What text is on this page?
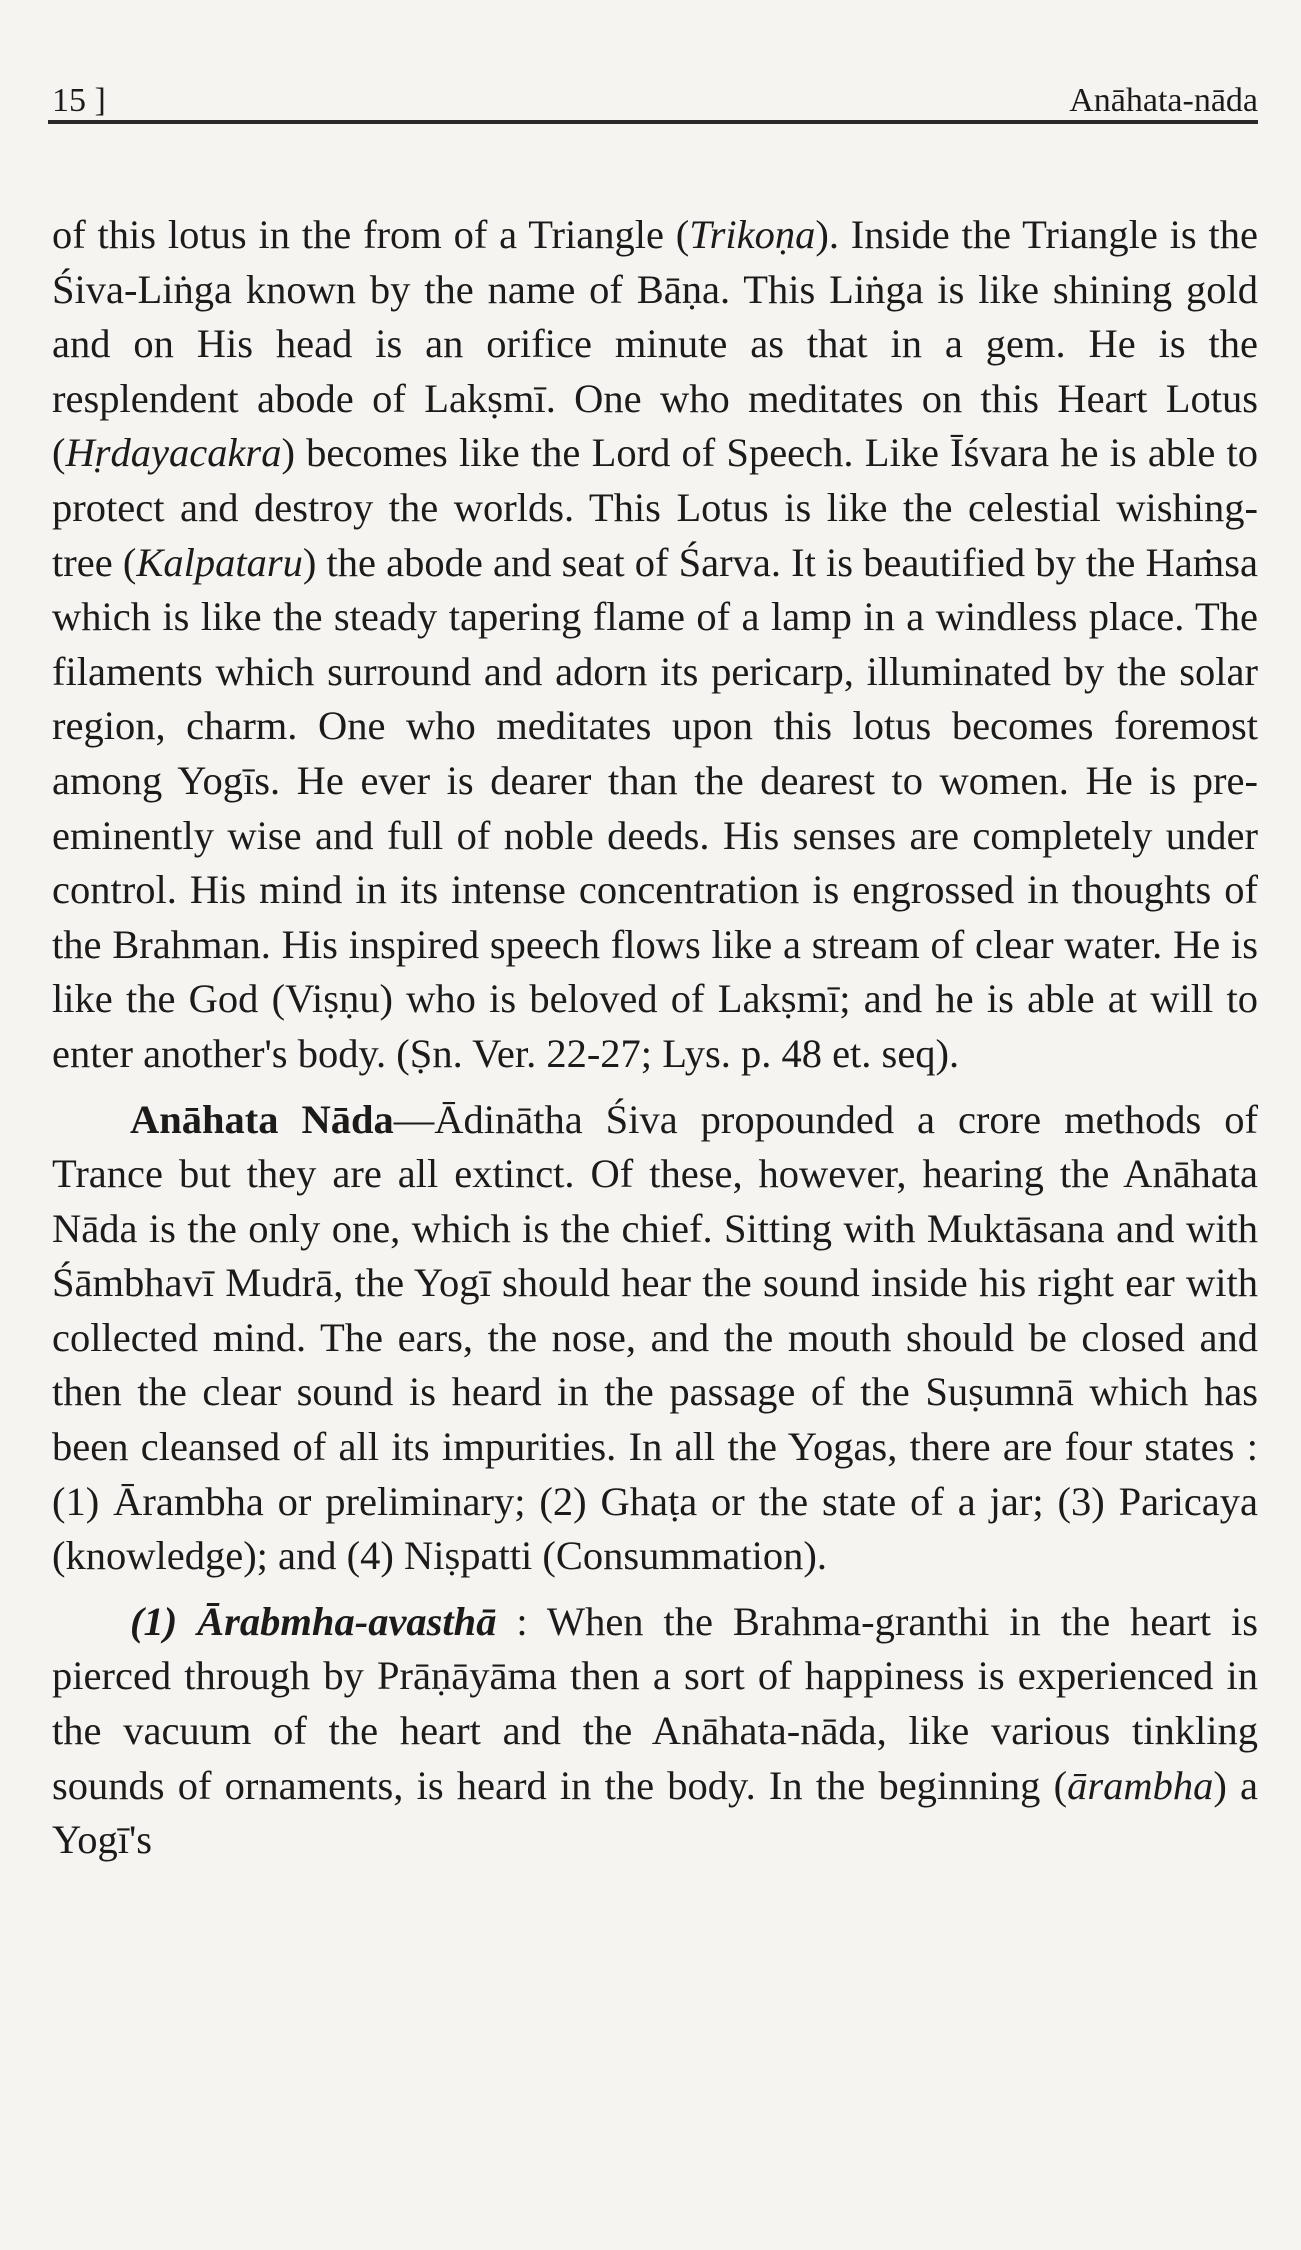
15 ]	Anāhata-nāda

of this lotus in the from of a Triangle (Trikoṇa). Inside the Triangle is the Śiva-Liṅga known by the name of Bāṇa. This Liṅga is like shining gold and on His head is an orifice minute as that in a gem. He is the resplendent abode of Lakṣmī. One who meditates on this Heart Lotus (Hṛdayacakra) becomes like the Lord of Speech. Like Īśvara he is able to protect and destroy the worlds. This Lotus is like the celestial wishing-tree (Kalpataru) the abode and seat of Śarva. It is beautified by the Haṁsa which is like the steady tapering flame of a lamp in a windless place. The filaments which surround and adorn its pericarp, illuminated by the solar region, charm. One who meditates upon this lotus becomes foremost among Yogīs. He ever is dearer than the dearest to women. He is pre-eminently wise and full of noble deeds. His senses are completely under control. His mind in its intense concentration is engrossed in thoughts of the Brahman. His inspired speech flows like a stream of clear water. He is like the God (Viṣṇu) who is beloved of Lakṣmī; and he is able at will to enter another's body. (Ṣn. Ver. 22-27; Lys. p. 48 et. seq).

Anāhata Nāda—Ādinātha Śiva propounded a crore methods of Trance but they are all extinct. Of these, however, hearing the Anāhata Nāda is the only one, which is the chief. Sitting with Muktāsana and with Śāmbhavī Mudrā, the Yogī should hear the sound inside his right ear with collected mind. The ears, the nose, and the mouth should be closed and then the clear sound is heard in the passage of the Suṣumnā which has been cleansed of all its impurities. In all the Yogas, there are four states : (1) Ārambha or preliminary; (2) Ghaṭa or the state of a jar; (3) Paricaya (knowledge); and (4) Niṣpatti (Consummation).

(1) Ārabmha-avasthā : When the Brahma-granthi in the heart is pierced through by Prāṇāyāma then a sort of happiness is experienced in the vacuum of the heart and the Anāhata-nāda, like various tinkling sounds of ornaments, is heard in the body. In the beginning (ārambha) a Yogī's
